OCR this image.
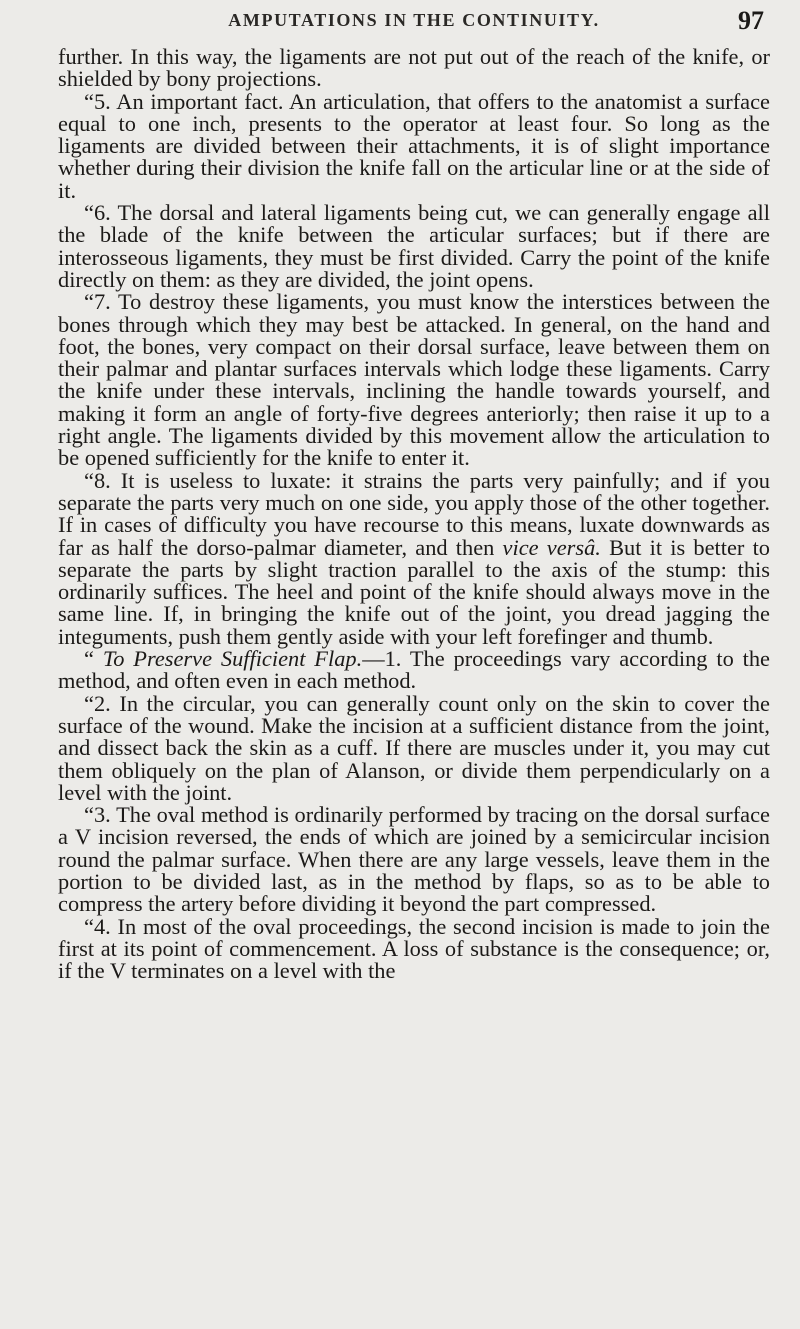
AMPUTATIONS IN THE CONTINUITY.	97

further. In this way, the ligaments are not put out of the reach of the knife, or shielded by bony projections.

“5. An important fact. An articulation, that offers to the anatomist a surface equal to one inch, presents to the operator at least four. So long as the ligaments are divided between their attachments, it is of slight importance whether during their division the knife fall on the articular line or at the side of it.

“6. The dorsal and lateral ligaments being cut, we can generally engage all the blade of the knife between the articular surfaces; but if there are interosseous ligaments, they must be first divided. Carry the point of the knife directly on them: as they are divided, the joint opens.

“7. To destroy these ligaments, you must know the interstices between the bones through which they may best be attacked. In general, on the hand and foot, the bones, very compact on their dorsal surface, leave between them on their palmar and plantar surfaces intervals which lodge these ligaments. Carry the knife under these intervals, inclining the handle towards yourself, and making it form an angle of forty-five degrees anteriorly; then raise it up to a right angle. The ligaments divided by this movement allow the articulation to be opened sufficiently for the knife to enter it.

“8. It is useless to luxate: it strains the parts very painfully; and if you separate the parts very much on one side, you apply those of the other together. If in cases of difficulty you have recourse to this means, luxate downwards as far as half the dorso-palmar diameter, and then vice versâ. But it is better to separate the parts by slight traction parallel to the axis of the stump: this ordinarily suffices. The heel and point of the knife should always move in the same line. If, in bringing the knife out of the joint, you dread jagging the integuments, push them gently aside with your left forefinger and thumb.

“ To Preserve Sufficient Flap.—1. The proceedings vary according to the method, and often even in each method.

“2. In the circular, you can generally count only on the skin to cover the surface of the wound. Make the incision at a sufficient distance from the joint, and dissect back the skin as a cuff. If there are muscles under it, you may cut them obliquely on the plan of Alanson, or divide them perpendicularly on a level with the joint.

“3. The oval method is ordinarily performed by tracing on the dorsal surface a V incision reversed, the ends of which are joined by a semicircular incision round the palmar surface. When there are any large vessels, leave them in the portion to be divided last, as in the method by flaps, so as to be able to compress the artery before dividing it beyond the part compressed.

“4. In most of the oval proceedings, the second incision is made to join the first at its point of commencement. A loss of substance is the consequence; or, if the V terminates on a level with the
